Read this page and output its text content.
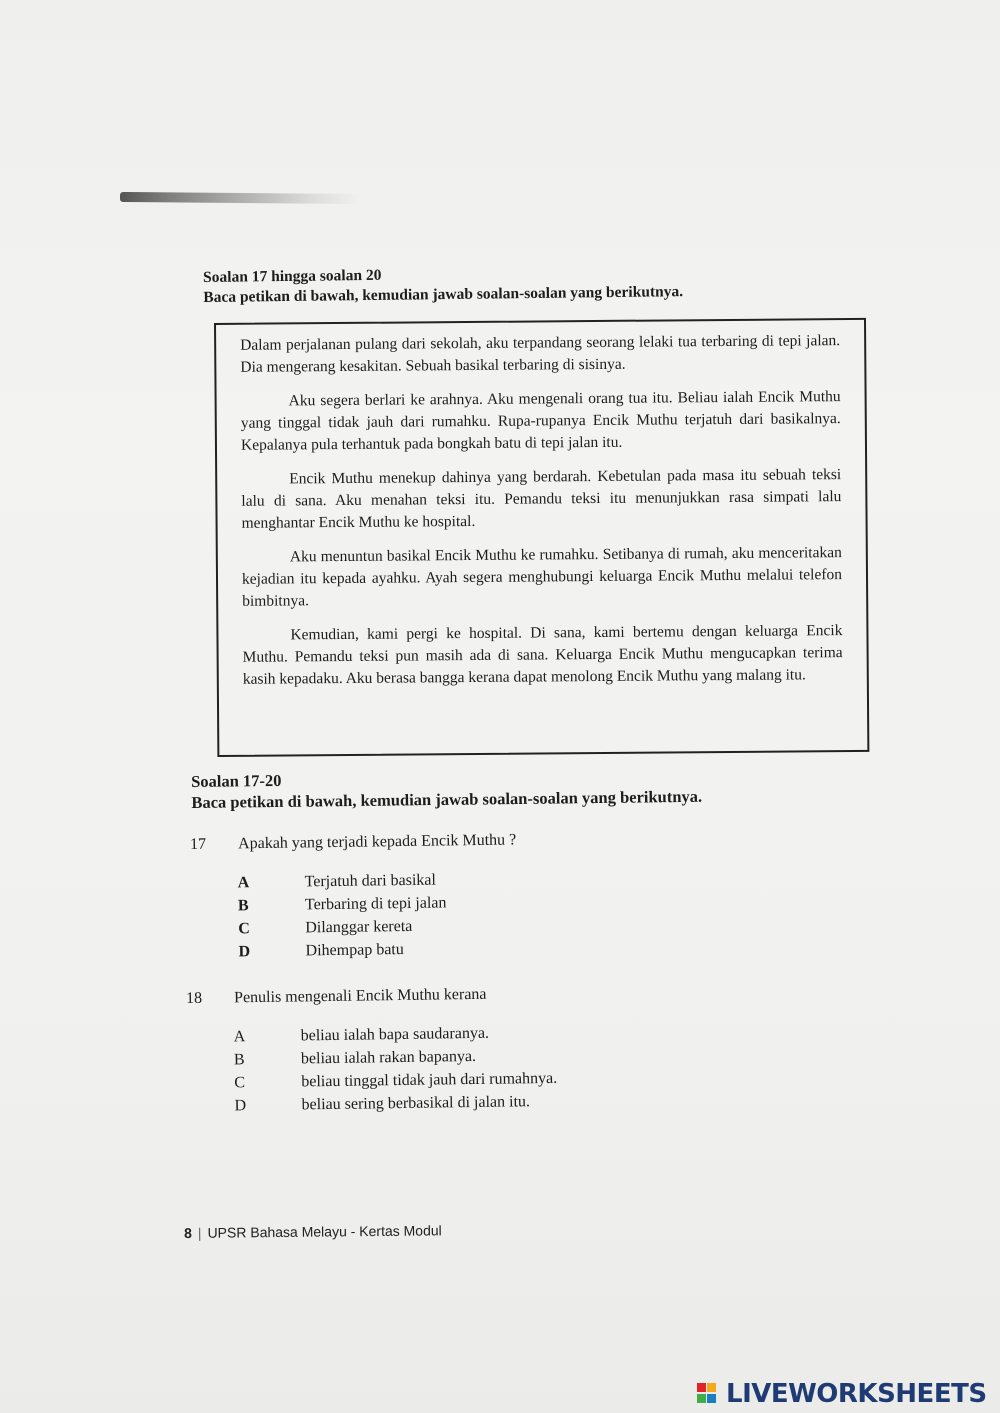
Soalan 17 hingga soalan 20
Baca petikan di bawah, kemudian jawab soalan-soalan yang berikutnya.

Dalam perjalanan pulang dari sekolah, aku terpandang seorang lelaki tua terbaring di tepi jalan. Dia mengerang kesakitan. Sebuah basikal terbaring di sisinya.

Aku segera berlari ke arahnya. Aku mengenali orang tua itu. Beliau ialah Encik Muthu yang tinggal tidak jauh dari rumahku. Rupa-rupanya Encik Muthu terjatuh dari basikalnya. Kepalanya pula terhantuk pada bongkah batu di tepi jalan itu.

Encik Muthu menekup dahinya yang berdarah. Kebetulan pada masa itu sebuah teksi lalu di sana. Aku menahan teksi itu. Pemandu teksi itu menunjukkan rasa simpati lalu menghantar Encik Muthu ke hospital.

Aku menuntun basikal Encik Muthu ke rumahku. Setibanya di rumah, aku menceritakan kejadian itu kepada ayahku. Ayah segera menghubungi keluarga Encik Muthu melalui telefon bimbitnya.

Kemudian, kami pergi ke hospital. Di sana, kami bertemu dengan keluarga Encik Muthu. Pemandu teksi pun masih ada di sana. Keluarga Encik Muthu mengucapkan terima kasih kepadaku. Aku berasa bangga kerana dapat menolong Encik Muthu yang malang itu.

Soalan 17-20
Baca petikan di bawah, kemudian jawab soalan-soalan yang berikutnya.
17 Apakah yang terjadi kepada Encik Muthu ?
A	Terjatuh dari basikal
B	Terbaring di tepi jalan
C	Dilanggar kereta
D	Dihempap batu
18 Penulis mengenali Encik Muthu kerana
A	beliau ialah bapa saudaranya.
B	beliau ialah rakan bapanya.
C	beliau tinggal tidak jauh dari rumahnya.
D	beliau sering berbasikal di jalan itu.
8 | UPSR Bahasa Melayu - Kertas Modul
LIVEWORKSHEETS
